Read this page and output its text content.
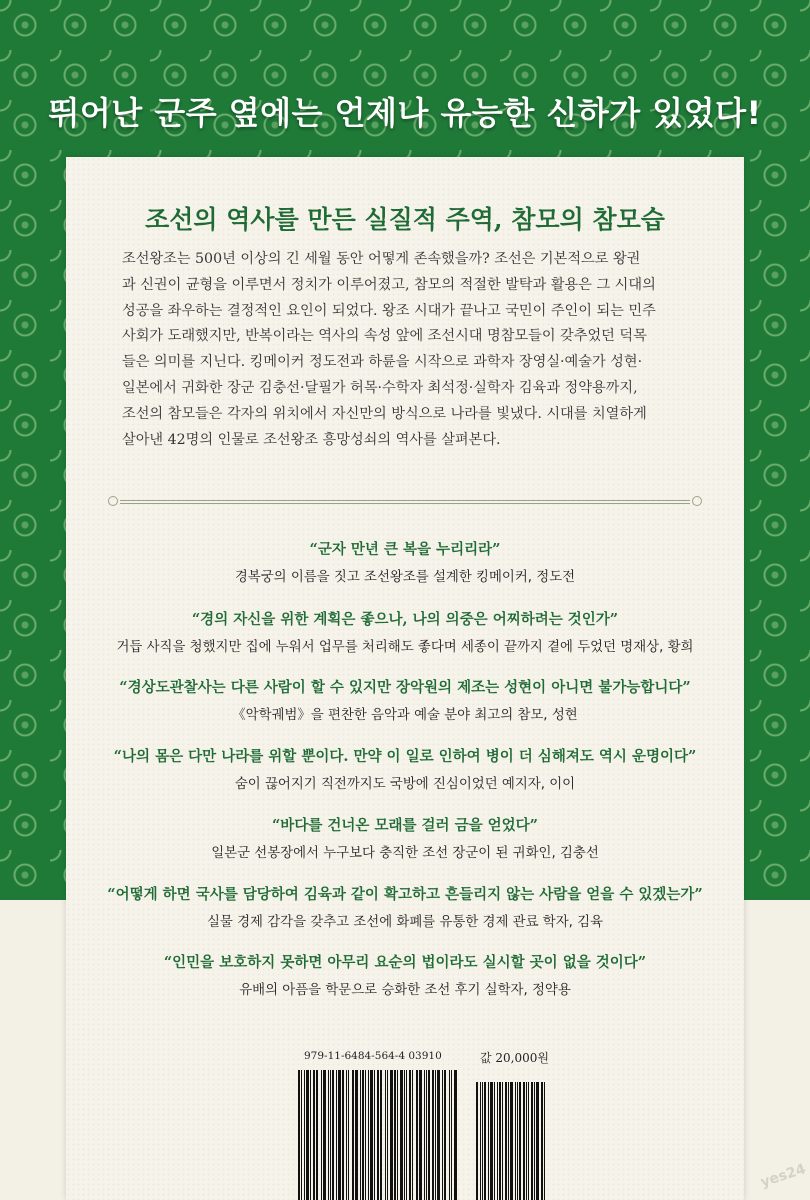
뛰어난 군주 옆에는 언제나 유능한 신하가 있었다!
조선의 역사를 만든 실질적 주역, 참모의 참모습
조선왕조는 500년 이상의 긴 세월 동안 어떻게 존속했을까? 조선은 기본적으로 왕권
과 신권이 균형을 이루면서 정치가 이루어졌고, 참모의 적절한 발탁과 활용은 그 시대의
성공을 좌우하는 결정적인 요인이 되었다. 왕조 시대가 끝나고 국민이 주인이 되는 민주
사회가 도래했지만, 반복이라는 역사의 속성 앞에 조선시대 명참모들이 갖추었던 덕목
들은 의미를 지닌다. 킹메이커 정도전과 하륜을 시작으로 과학자 장영실·예술가 성현·
일본에서 귀화한 장군 김충선·달필가 허목·수학자 최석정·실학자 김육과 정약용까지,
조선의 참모들은 각자의 위치에서 자신만의 방식으로 나라를 빛냈다. 시대를 치열하게
살아낸 42명의 인물로 조선왕조 흥망성쇠의 역사를 살펴본다.
“군자 만년 큰 복을 누리리라”
경복궁의 이름을 짓고 조선왕조를 설계한 킹메이커, 정도전
“경의 자신을 위한 계획은 좋으나, 나의 의중은 어찌하려는 것인가”
거듭 사직을 청했지만 집에 누워서 업무를 처리해도 좋다며 세종이 끝까지 곁에 두었던 명재상, 황희
“경상도관찰사는 다른 사람이 할 수 있지만 장악원의 제조는 성현이 아니면 불가능합니다”
《악학궤범》을 편찬한 음악과 예술 분야 최고의 참모, 성현
“나의 몸은 다만 나라를 위할 뿐이다. 만약 이 일로 인하여 병이 더 심해져도 역시 운명이다”
숨이 끊어지기 직전까지도 국방에 진심이었던 예지자, 이이
“바다를 건너온 모래를 걸러 금을 얻었다”
일본군 선봉장에서 누구보다 충직한 조선 장군이 된 귀화인, 김충선
“어떻게 하면 국사를 담당하여 김육과 같이 확고하고 흔들리지 않는 사람을 얻을 수 있겠는가”
실물 경제 감각을 갖추고 조선에 화폐를 유통한 경제 관료 학자, 김육
“인민을 보호하지 못하면 아무리 요순의 법이라도 실시할 곳이 없을 것이다”
유배의 아픔을 학문으로 승화한 조선 후기 실학자, 정약용
979-11-6484-564-4 03910	값 20,000원
yes24
